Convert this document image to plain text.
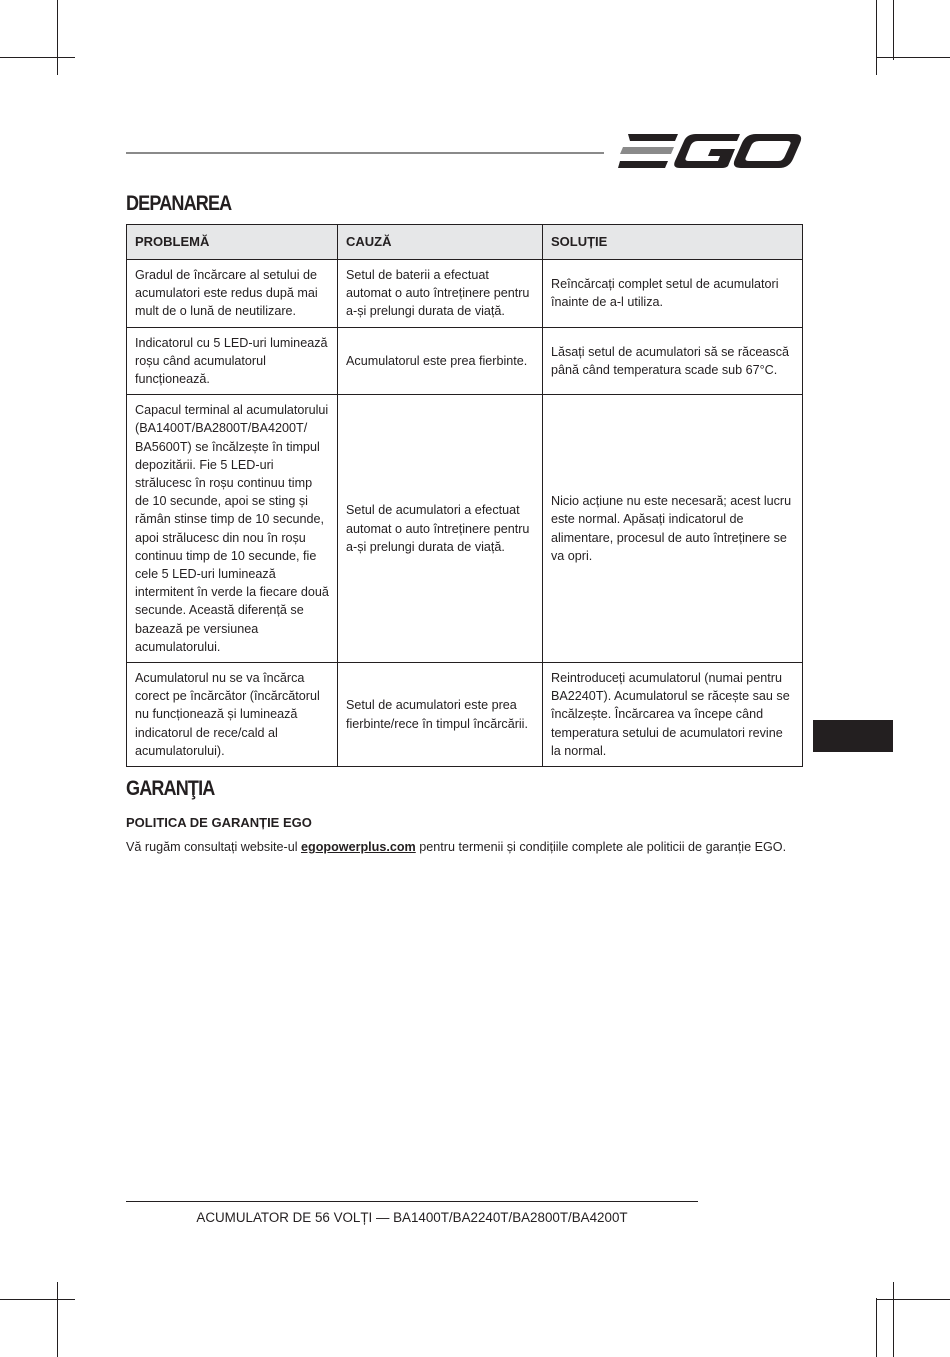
DEPANAREA
PROBLEMĂ	CAUZĂ	SOLUȚIE
Gradul de încărcare al setului de acumulatori este redus după mai mult de o lună de neutilizare.	Setul de baterii a efectuat automat o auto întreținere pentru a-și prelungi durata de viață.	Reîncărcați complet setul de acumulatori înainte de a-l utiliza.
Indicatorul cu 5 LED-uri luminează roșu când acumulatorul funcționează.	Acumulatorul este prea fierbinte.	Lăsați setul de acumulatori să se răcească până când temperatura scade sub 67°C.
Capacul terminal al acumulatorului (BA1400T/BA2800T/BA4200T/ BA5600T) se încălzește în timpul depozitării. Fie 5 LED-uri strălucesc în roșu continuu timp de 10 secunde, apoi se sting și rămân stinse timp de 10 secunde, apoi strălucesc din nou în roșu continuu timp de 10 secunde, fie cele 5 LED-uri luminează intermitent în verde la fiecare două secunde. Această diferență se bazează pe versiunea acumulatorului.	Setul de acumulatori a efectuat automat o auto întreținere pentru a-și prelungi durata de viață.	Nicio acțiune nu este necesară; acest lucru este normal. Apăsați indicatorul de alimentare, procesul de auto întreținere se va opri.
Acumulatorul nu se va încărca corect pe încărcător (încărcătorul nu funcționează și luminează indicatorul de rece/cald al acumulatorului).	Setul de acumulatori este prea fierbinte/rece în timpul încărcării.	Reintroduceți acumulatorul (numai pentru BA2240T). Acumulatorul se răcește sau se încălzește. Încărcarea va începe când temperatura setului de acumulatori revine la normal.
GARANŢIA

POLITICA DE GARANȚIE EGO

Vă rugăm consultați website-ul egopowerplus.com pentru termenii și condițiile complete ale politicii de garanție EGO.

ACUMULATOR DE 56 VOLȚI — BA1400T/BA2240T/BA2800T/BA4200T
